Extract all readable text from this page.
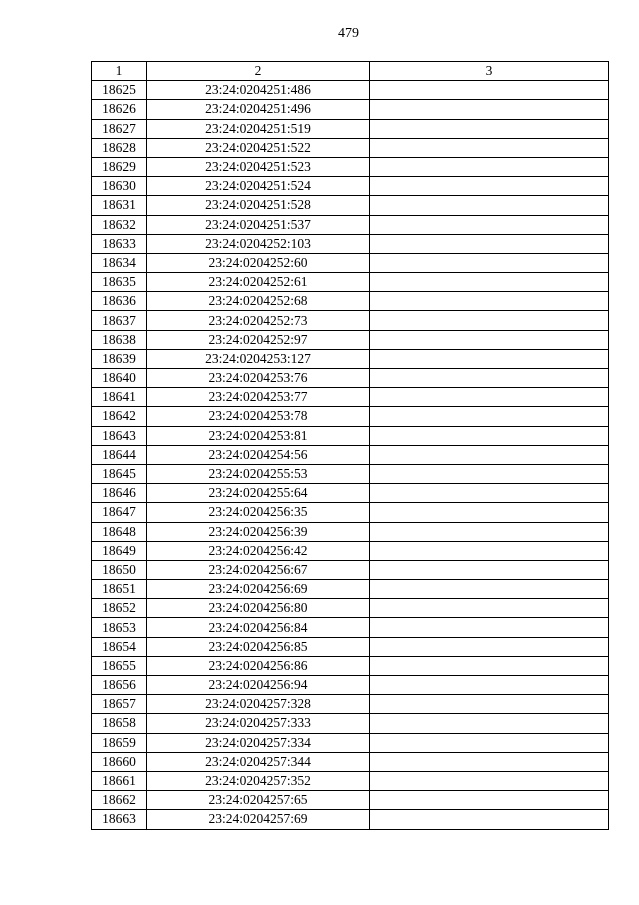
479
1	2	3
18625	23:24:0204251:486	
18626	23:24:0204251:496	
18627	23:24:0204251:519	
18628	23:24:0204251:522	
18629	23:24:0204251:523	
18630	23:24:0204251:524	
18631	23:24:0204251:528	
18632	23:24:0204251:537	
18633	23:24:0204252:103	
18634	23:24:0204252:60	
18635	23:24:0204252:61	
18636	23:24:0204252:68	
18637	23:24:0204252:73	
18638	23:24:0204252:97	
18639	23:24:0204253:127	
18640	23:24:0204253:76	
18641	23:24:0204253:77	
18642	23:24:0204253:78	
18643	23:24:0204253:81	
18644	23:24:0204254:56	
18645	23:24:0204255:53	
18646	23:24:0204255:64	
18647	23:24:0204256:35	
18648	23:24:0204256:39	
18649	23:24:0204256:42	
18650	23:24:0204256:67	
18651	23:24:0204256:69	
18652	23:24:0204256:80	
18653	23:24:0204256:84	
18654	23:24:0204256:85	
18655	23:24:0204256:86	
18656	23:24:0204256:94	
18657	23:24:0204257:328	
18658	23:24:0204257:333	
18659	23:24:0204257:334	
18660	23:24:0204257:344	
18661	23:24:0204257:352	
18662	23:24:0204257:65	
18663	23:24:0204257:69	
